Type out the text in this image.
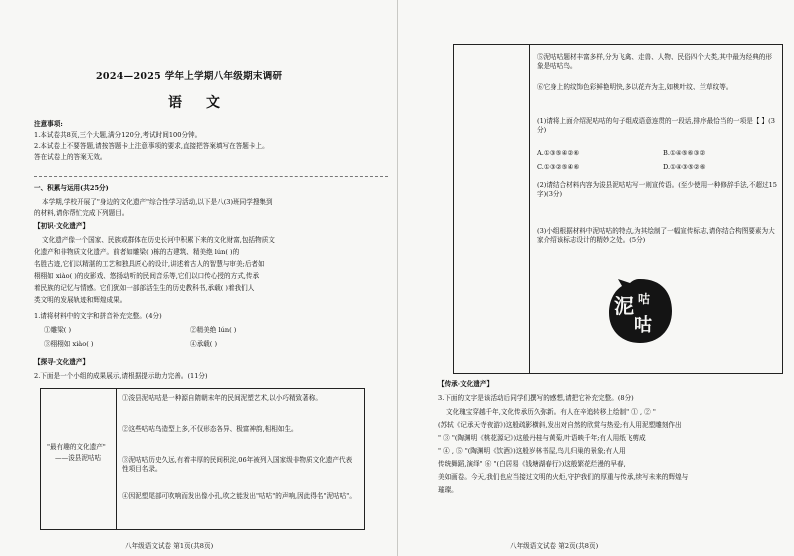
2024—2025 学年上学期八年级期末调研
语文
注意事项:
1.本试卷共8页,三个大题,满分120分,考试时间100分钟。
2.本试卷上不要答题,请按答题卡上注意事项的要求,直接把答案填写在答题卡上。
答在试卷上的答案无效。
一、积累与运用(共25分)
本学期,学校开展了"身边的文化遗产"综合性学习活动,以下是八(3)班同学搜集到
的材料,请你帮忙完成下列题目。
【初识·文化遗产】
文化遗产像一个国家、民族或群体在历史长河中积累下来的文化财富,包括物质文
化遗产和非物质文化遗产。前者如雕梁( )栋的古建筑、精美绝 lún( )的
名胜古迹,它们以精湛的工艺和独具匠心的设计,讲述着古人的智慧与审美;后者如
栩栩如 xiào( )的皮影戏、悠扬动听的民间音乐等,它们以口传心授的方式,传承
着民族的记忆与情感。它们犹如一部部活生生的历史教科书,承载( )着我们人
类文明的发展轨迹和辉煌成果。
1.请将材料中的文字和拼音补充完整。(4分)
①雕梁( )	②精美绝 lún( )
③栩栩如 xiào( )	④承载( )
【探寻·文化遗产】
2.下面是一个小组的成果展示,请根据提示助力完善。(11分)
"最有趣的文化遗产"
——浚县泥咕咕
①浚县泥咕咕是一种源自隋朝末年的民间泥塑艺术,以小巧精致著称。
②这些咕咕鸟造型上多,不仅形态各异、极富神韵,相相如生。
③泥咕咕历史久远,有着丰厚的民间积淀,06年被列入国家级非物质文化遗产代表性项目名录。
④因泥塑尾部可吹响而发出像小孔,吹之能发出"咕咕"的声响,因此得名"泥咕咕"。
八年级语文试卷 第1页(共8页)
⑤泥咕咕题材丰富多样,分为飞禽、走兽、人物、民俗四个大类,其中最为经典的形象是咕咕鸟。
⑥它身上的纹饰色彩鲜艳明快,多以花卉为主,如桃叶纹、兰草纹等。
(1)请将上面介绍泥咕咕的句子组成语意连贯的一段话,排序最恰当的一项是【 】(3分)
A.①③⑤④②⑥	B.①④⑤⑥③②
C.①③②⑤④⑥	D.①④③⑤②⑥
(2)请结合材料内容为浚县泥咕咕写一则宣传语。(至少使用一种修辞手法,不超过15字)(3分)
(3)小组根据材料中泥咕咕的特点,为其绘制了一幅宣传标志,请你结合构图要素为大家介绍该标志设计的精妙之处。(5分)
【传承·文化遗产】
3.下面的文字是该活动后同学们撰写的感想,请把它补充完整。(8分)
文化瑰宝穿越千年,文化传承历久弥新。有人在辛追转移上绘制" ① , ② "
(苏轼《记承天寺夜游》)这般疏影横斜,发出对自然的欣赏与热爱;有人用泥塑雕刻作出
" ③ "(陶渊明《桃花源记》)这般丹桂与黄菊,叶语映千年;有人用纸飞剪成
" ④ , ⑤ "(陶渊明《饮酒》)这般岁林书屋,鸟儿归巢的景象;有人用
传统舞蹈,演绎" ⑥ "(白居易《钱塘湖春行》)这般繁花烂漫的早春,
美如画卷。今天,我们也应当接过文明的火炬,守护我们的厚重与传承,续写未来的辉煌与
璀璨。
八年级语文试卷 第2页(共8页)
泥 咕
咕
